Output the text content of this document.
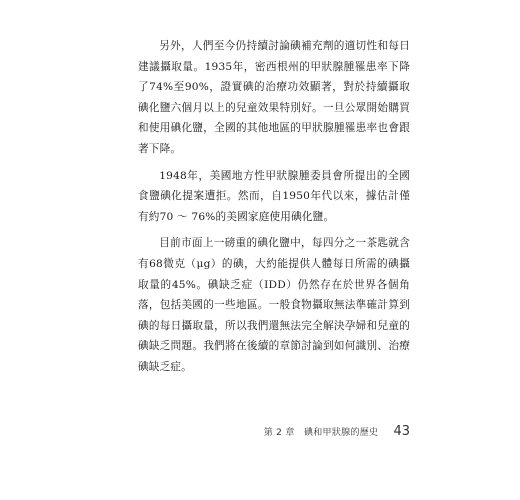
另外，人們至今仍持續討論碘補充劑的適切性和每日建議攝取量。1935年，密西根州的甲狀腺腫罹患率下降了74%至90%，證實碘的治療功效顯著，對於持續攝取碘化鹽六個月以上的兒童效果特別好。一旦公眾開始購買和使用碘化鹽，全國的其他地區的甲狀腺腫罹患率也會跟著下降。

1948年，美國地方性甲狀腺腫委員會所提出的全國食鹽碘化提案遭拒。然而，自1950年代以來，據估計僅有約70 ～ 76%的美國家庭使用碘化鹽。

目前市面上一磅重的碘化鹽中，每四分之一茶匙就含有68微克（μg）的碘，大約能提供人體每日所需的碘攝取量的45%。碘缺乏症（IDD）仍然存在於世界各個角落，包括美國的一些地區。一般食物攝取無法準確計算到碘的每日攝取量，所以我們還無法完全解決孕婦和兒童的碘缺乏問題。我們將在後續的章節討論到如何識別、治療碘缺乏症。

第 2 章　碘和甲狀腺的歷史 43
